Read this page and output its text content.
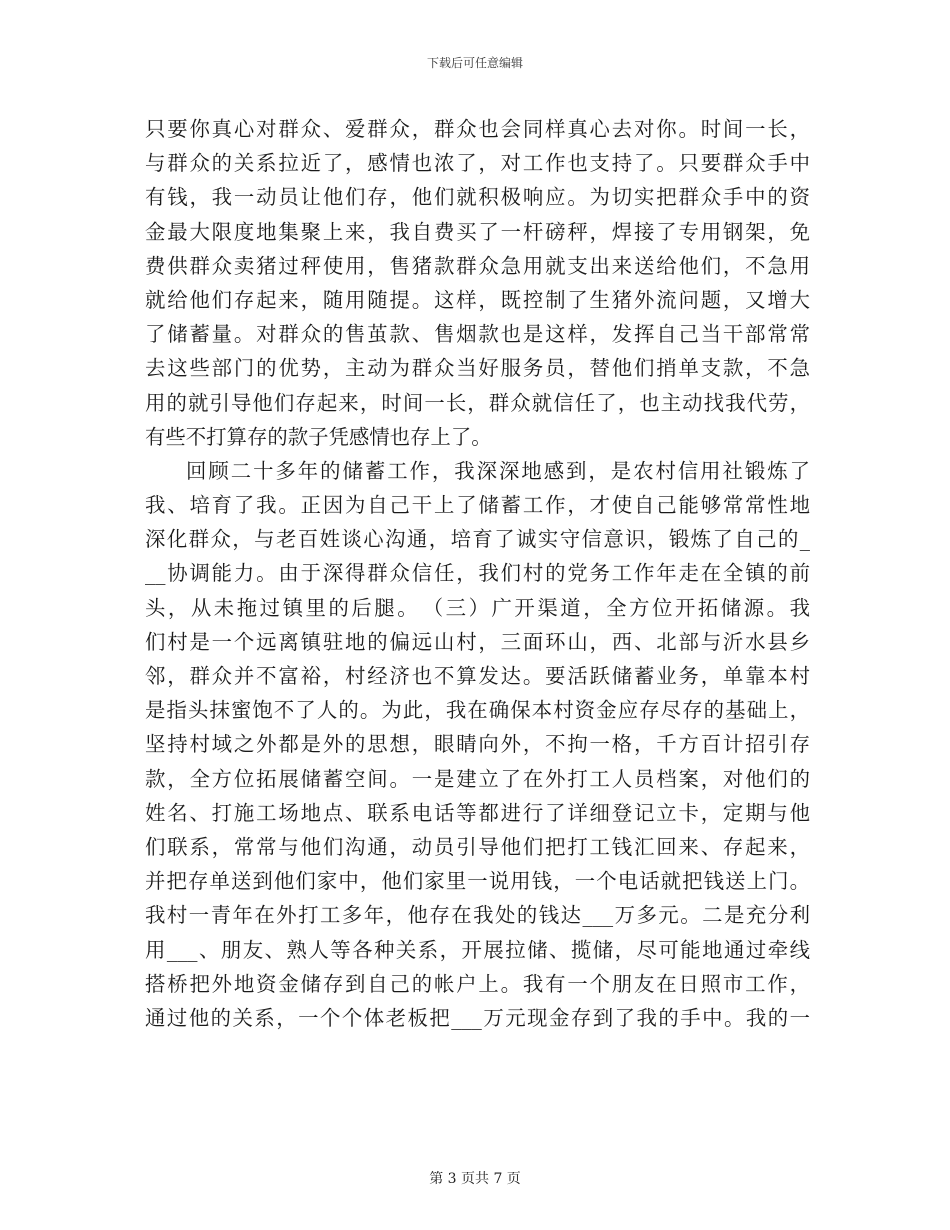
下载后可任意编辑
只要你真心对群众、爱群众，群众也会同样真心去对你。时间一长，
与群众的关系拉近了，感情也浓了，对工作也支持了。只要群众手中
有钱，我一动员让他们存，他们就积极响应。为切实把群众手中的资
金最大限度地集聚上来，我自费买了一杆磅秤，焊接了专用钢架，免
费供群众卖猪过秤使用，售猪款群众急用就支出来送给他们，不急用
就给他们存起来，随用随提。这样，既控制了生猪外流问题，又增大
了储蓄量。对群众的售茧款、售烟款也是这样，发挥自己当干部常常
去这些部门的优势，主动为群众当好服务员，替他们捎单支款，不急
用的就引导他们存起来，时间一长，群众就信任了，也主动找我代劳，
有些不打算存的款子凭感情也存上了。
回顾二十多年的储蓄工作，我深深地感到，是农村信用社锻炼了
我、培育了我。正因为自己干上了储蓄工作，才使自己能够常常性地
深化群众，与老百姓谈心沟通，培育了诚实守信意识，锻炼了自己的_
__协调能力。由于深得群众信任，我们村的党务工作年走在全镇的前
头，从未拖过镇里的后腿。　（三）广开渠道，全方位开拓储源。我
们村是一个远离镇驻地的偏远山村，三面环山，西、北部与沂水县乡
邻，群众并不富裕，村经济也不算发达。要活跃储蓄业务，单靠本村
是指头抹蜜饱不了人的。为此，我在确保本村资金应存尽存的基础上，
坚持村域之外都是外的思想，眼睛向外，不拘一格，千方百计招引存
款，全方位拓展储蓄空间。一是建立了在外打工人员档案，对他们的
姓名、打施工场地点、联系电话等都进行了详细登记立卡，定期与他
们联系，常常与他们沟通，动员引导他们把打工钱汇回来、存起来，
并把存单送到他们家中，他们家里一说用钱，一个电话就把钱送上门。
我村一青年在外打工多年，他存在我处的钱达___万多元。二是充分利
用___、朋友、熟人等各种关系，开展拉储、揽储，尽可能地通过牵线
搭桥把外地资金储存到自己的帐户上。我有一个朋友在日照市工作，
通过他的关系，一个个体老板把___万元现金存到了我的手中。我的一
第 3 页共 7 页
